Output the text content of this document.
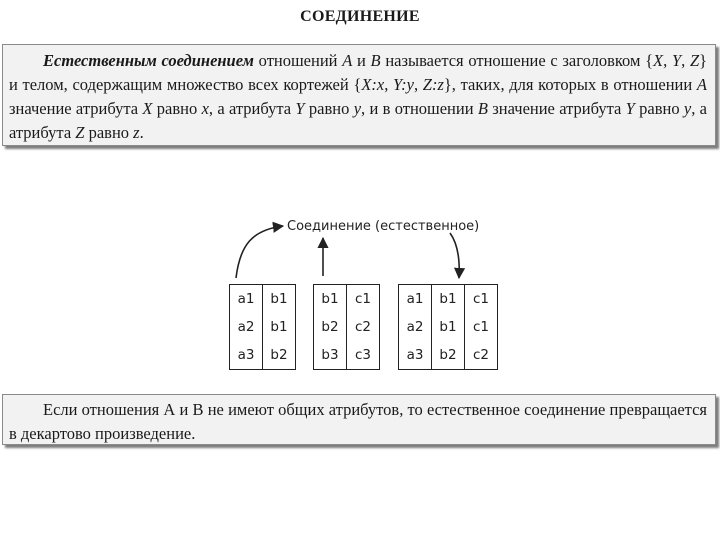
СОЕДИНЕНИЕ
Естественным соединением отношений А и В называется отношение с заголовком {X, Y, Z} и телом, содержащим множество всех кортежей {X:x, Y:y, Z:z}, таких, для которых в отношении А значение атрибута X равно x, а атрибута Y равно y, и в отношении В значение атрибута Y равно y, а атрибута Z равно z.
Соединение (естественное)
a1	b1
a2	b1
a3	b2
b1	c1
b2	c2
b3	c3
a1	b1	c1
a2	b1	c1
a3	b2	c2
Если отношения А и В не имеют общих атрибутов, то естественное соединение превращается в декартово произведение.
